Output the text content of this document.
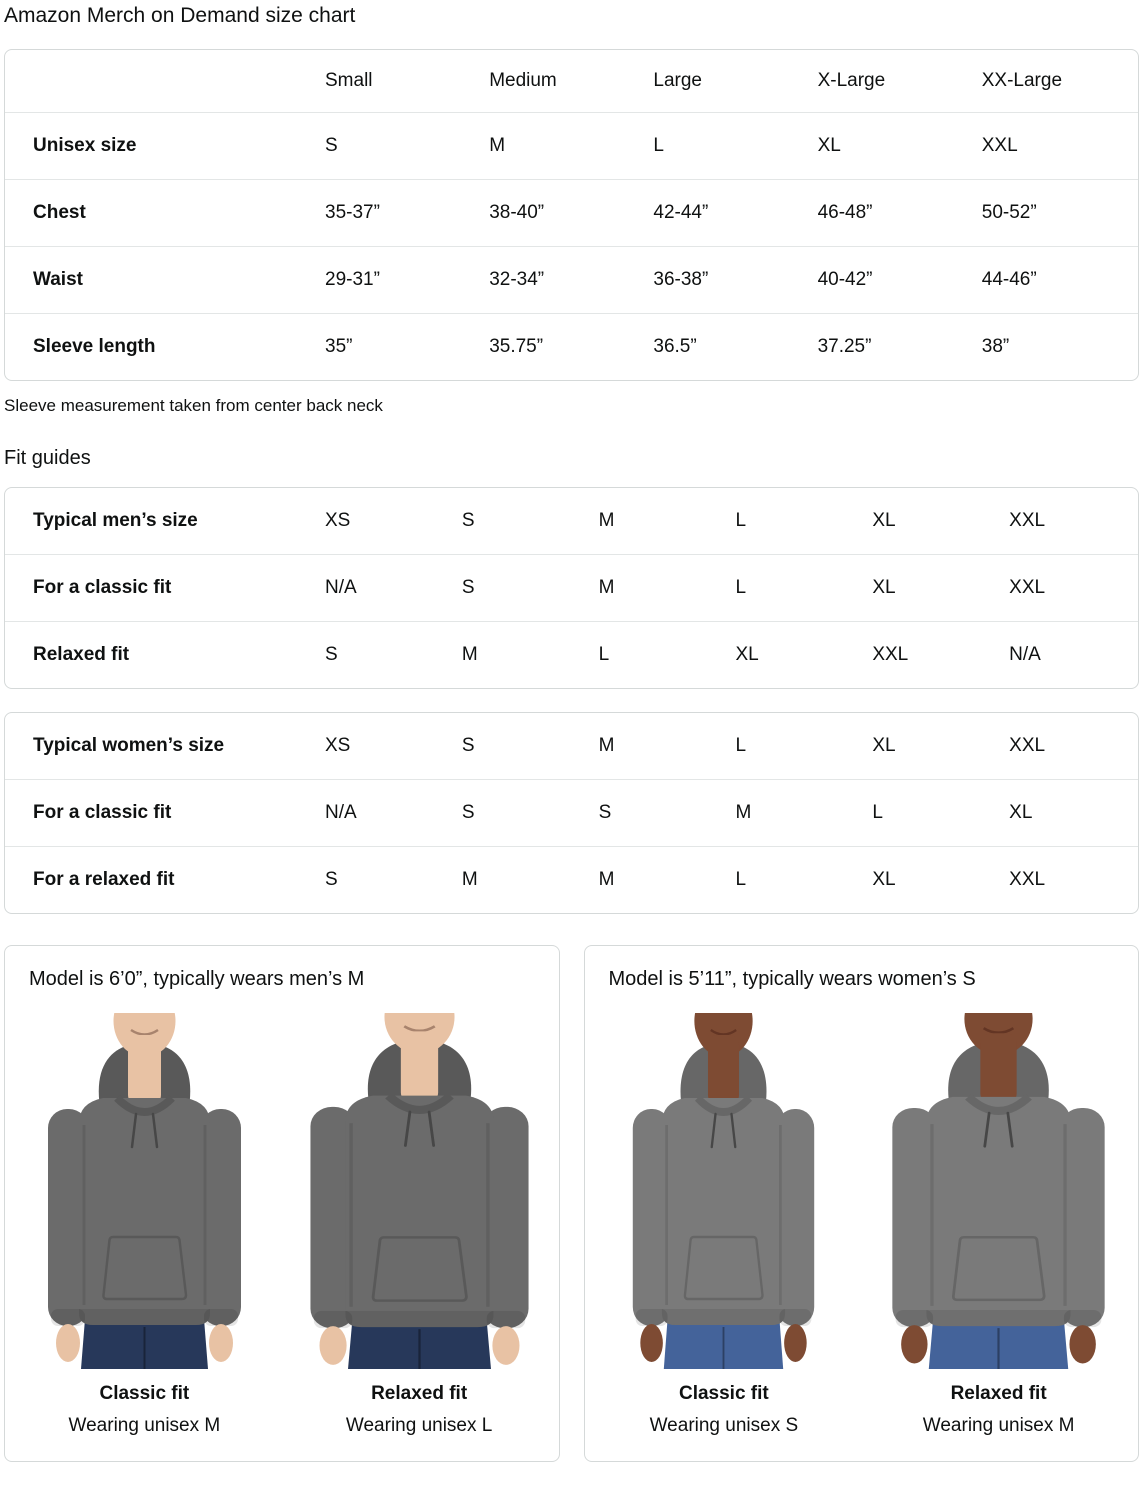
Amazon Merch on Demand size chart
	Small	Medium	Large	X-Large	XX-Large
Unisex size	S	M	L	XL	XXL
Chest	35-37”	38-40”	42-44”	46-48”	50-52”
Waist	29-31”	32-34”	36-38”	40-42”	44-46”
Sleeve length	35”	35.75”	36.5”	37.25”	38”

Sleeve measurement taken from center back neck

Fit guides
Typical men’s size	XS	S	M	L	XL	XXL
For a classic fit	N/A	S	M	L	XL	XXL
Relaxed fit	S	M	L	XL	XXL	N/A
Typical women’s size	XS	S	M	L	XL	XXL
For a classic fit	N/A	S	S	M	L	XL
For a relaxed fit	S	M	M	L	XL	XXL

Model is 6’0”, typically wears men’s M

Classic fit
Wearing unisex M
Relaxed fit
Wearing unisex L

Model is 5’11”, typically wears women’s S

Classic fit
Wearing unisex S
Relaxed fit
Wearing unisex M
